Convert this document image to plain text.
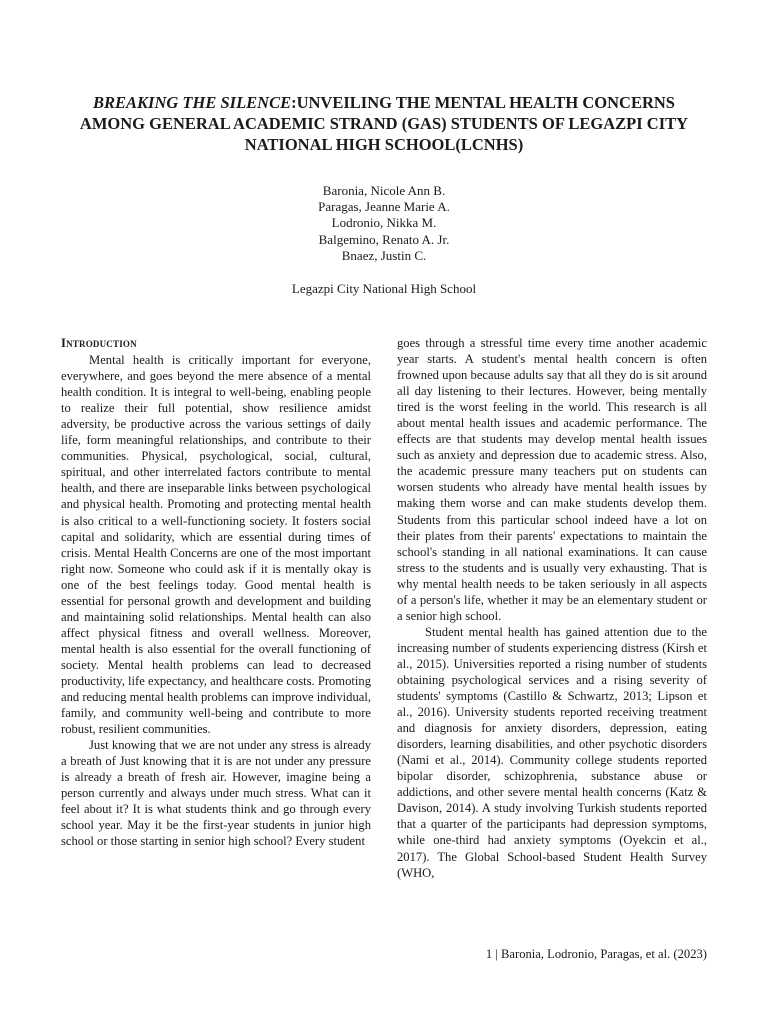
BREAKING THE SILENCE:UNVEILING THE MENTAL HEALTH CONCERNS AMONG GENERAL ACADEMIC STRAND (GAS) STUDENTS OF LEGAZPI CITY NATIONAL HIGH SCHOOL(LCNHS)
Baronia, Nicole Ann B.
Paragas, Jeanne Marie A.
Lodronio, Nikka M.
Balgemino, Renato A. Jr.
Bnaez, Justin C.
Legazpi City National High School
Introduction

Mental health is critically important for everyone, everywhere, and goes beyond the mere absence of a mental health condition. It is integral to well-being, enabling people to realize their full potential, show resilience amidst adversity, be productive across the various settings of daily life, form meaningful relationships, and contribute to their communities. Physical, psychological, social, cultural, spiritual, and other interrelated factors contribute to mental health, and there are inseparable links between psychological and physical health. Promoting and protecting mental health is also critical to a well-functioning society. It fosters social capital and solidarity, which are essential during times of crisis. Mental Health Concerns are one of the most important right now. Someone who could ask if it is mentally okay is one of the best feelings today. Good mental health is essential for personal growth and development and building and maintaining solid relationships. Mental health can also affect physical fitness and overall wellness. Moreover, mental health is also essential for the overall functioning of society. Mental health problems can lead to decreased productivity, life expectancy, and healthcare costs. Promoting and reducing mental health problems can improve individual, family, and community well-being and contribute to more robust, resilient communities.

Just knowing that we are not under any stress is already a breath of Just knowing that it is are not under any pressure is already a breath of fresh air. However, imagine being a person currently and always under much stress. What can it feel about it? It is what students think and go through every school year. May it be the first-year students in junior high school or those starting in senior high school? Every student

goes through a stressful time every time another academic year starts. A student's mental health concern is often frowned upon because adults say that all they do is sit around all day listening to their lectures. However, being mentally tired is the worst feeling in the world. This research is all about mental health issues and academic performance. The effects are that students may develop mental health issues such as anxiety and depression due to academic stress. Also, the academic pressure many teachers put on students can worsen students who already have mental health issues by making them worse and can make students develop them. Students from this particular school indeed have a lot on their plates from their parents' expectations to maintain the school's standing in all national examinations. It can cause stress to the students and is usually very exhausting. That is why mental health needs to be taken seriously in all aspects of a person's life, whether it may be an elementary student or a senior high school.

Student mental health has gained attention due to the increasing number of students experiencing distress (Kirsh et al., 2015). Universities reported a rising number of students obtaining psychological services and a rising severity of students' symptoms (Castillo & Schwartz, 2013; Lipson et al., 2016). University students reported receiving treatment and diagnosis for anxiety disorders, depression, eating disorders, learning disabilities, and other psychotic disorders (Nami et al., 2014). Community college students reported bipolar disorder, schizophrenia, substance abuse or addictions, and other severe mental health concerns (Katz & Davison, 2014). A study involving Turkish students reported that a quarter of the participants had depression symptoms, while one-third had anxiety symptoms (Oyekcin et al., 2017). The Global School-based Student Health Survey (WHO,

1 | Baronia, Lodronio, Paragas, et al. (2023)
